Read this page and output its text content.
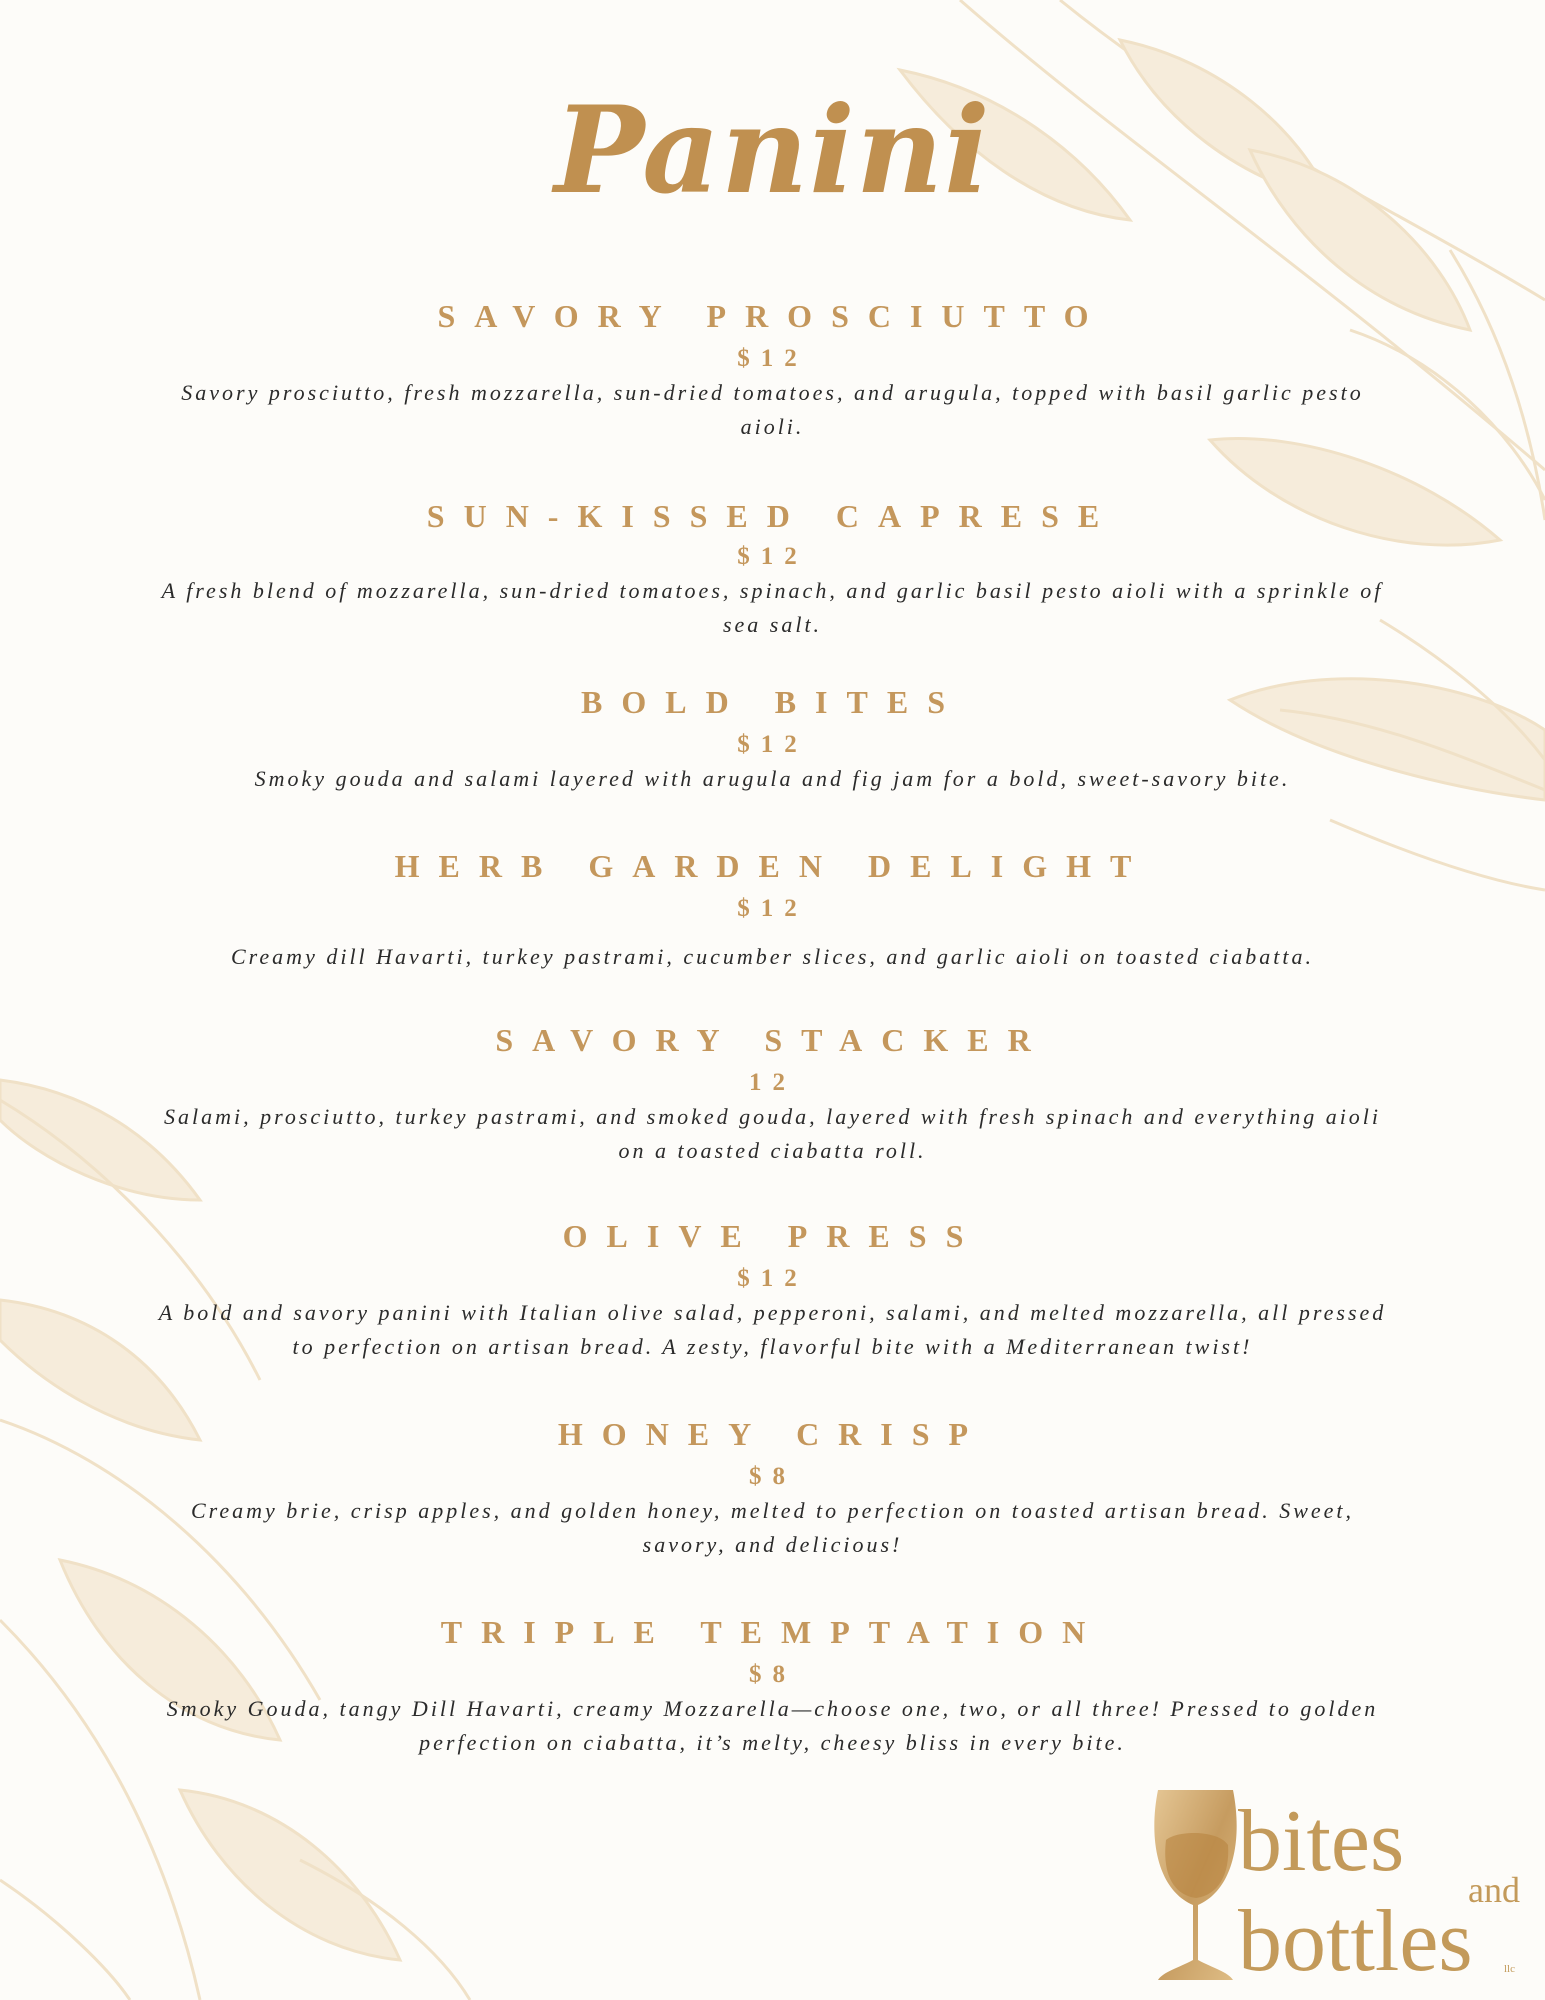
Panini

SAVORY PROSCIUTTO

$12

Savory prosciutto, fresh mozzarella, sun-dried tomatoes, and arugula, topped with basil garlic pesto aioli.

SUN-KISSED CAPRESE

$12

A fresh blend of mozzarella, sun-dried tomatoes, spinach, and garlic basil pesto aioli with a sprinkle of sea salt.

BOLD BITES

$12

Smoky gouda and salami layered with arugula and fig jam for a bold, sweet-savory bite.

HERB GARDEN DELIGHT

$12

Creamy dill Havarti, turkey pastrami, cucumber slices, and garlic aioli on toasted ciabatta.

SAVORY STACKER

12

Salami, prosciutto, turkey pastrami, and smoked gouda, layered with fresh spinach and everything aioli on a toasted ciabatta roll.

OLIVE PRESS

$12

A bold and savory panini with Italian olive salad, pepperoni, salami, and melted mozzarella, all pressed to perfection on artisan bread. A zesty, flavorful bite with a Mediterranean twist!

HONEY CRISP

$8

Creamy brie, crisp apples, and golden honey, melted to perfection on toasted artisan bread. Sweet, savory, and delicious!

TRIPLE TEMPTATION

$8

Smoky Gouda, tangy Dill Havarti, creamy Mozzarella—choose one, two, or all three! Pressed to golden perfection on ciabatta, it’s melty, cheesy bliss in every bite.

bites and
bottles	llc
